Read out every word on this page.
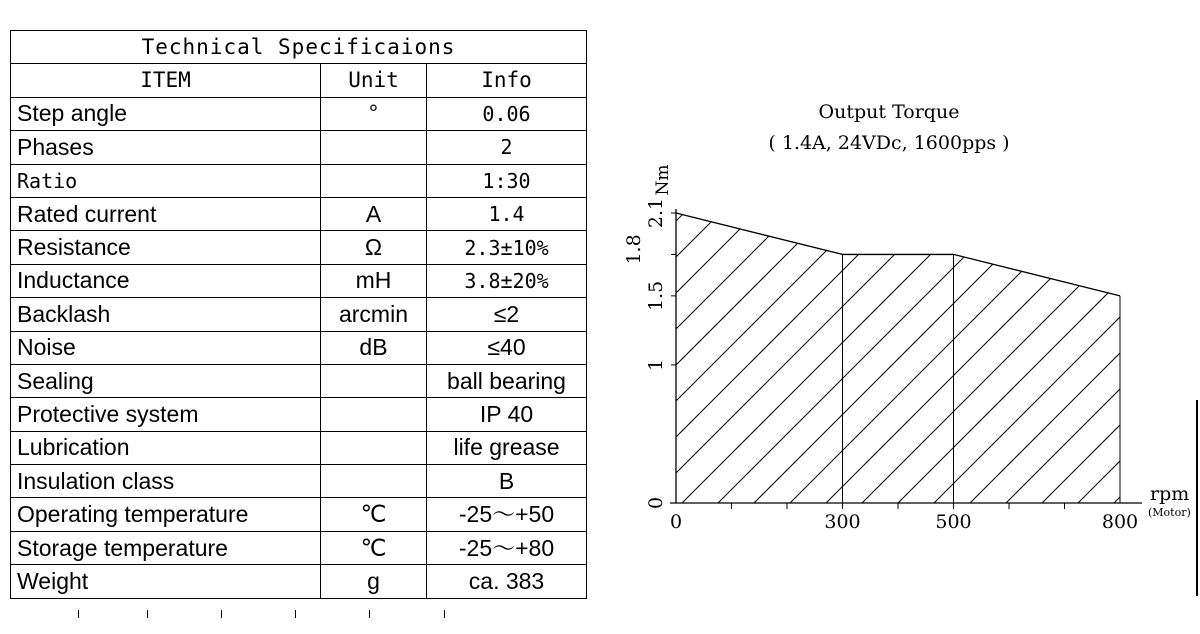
Technical Specificaions		
ITEM	Unit	Info
Step angle	°	0.06
Phases		2
Ratio		1:30
Rated current	A	1.4
Resistance	Ω	2.3±10%
Inductance	mH	3.8±20%
Backlash	arcmin	≤2
Noise	dB	≤40
Sealing		ball bearing
Protective system		IP 40
Lubrication		life grease
Insulation class		B
Operating temperature	℃	-25～+50
Storage temperature	℃	-25～+80
Weight	g	ca. 383
Output Torque
( 1.4A, 24VDc, 1600pps )
Nm
rpm
(Motor)
0	300	500	800
0
1
1.5
1.8
2.1
